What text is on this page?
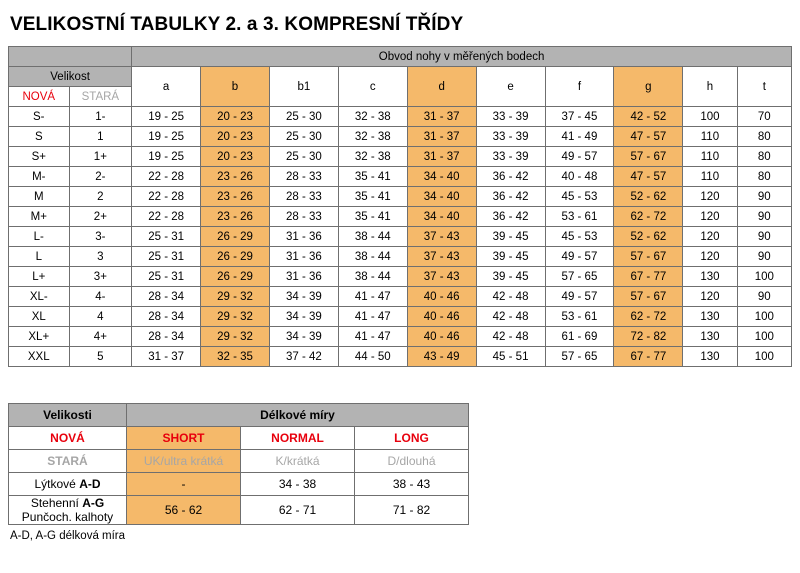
VELIKOSTNÍ TABULKY 2. a 3. KOMPRESNÍ TŘÍDY
		Obvod nohy v měřených bodech									
Velikost		a	b	b1	c	d	e	f	g	h	t
NOVÁ	STARÁ										
S-	1-	19 - 25	20 - 23	25 - 30	32 - 38	31 - 37	33 - 39	37 - 45	42 - 52	100	70
S	1	19 - 25	20 - 23	25 - 30	32 - 38	31 - 37	33 - 39	41 - 49	47 - 57	110	80
S+	1+	19 - 25	20 - 23	25 - 30	32 - 38	31 - 37	33 - 39	49 - 57	57 - 67	110	80
M-	2-	22 - 28	23 - 26	28 - 33	35 - 41	34 - 40	36 - 42	40 - 48	47 - 57	110	80
M	2	22 - 28	23 - 26	28 - 33	35 - 41	34 - 40	36 - 42	45 - 53	52 - 62	120	90
M+	2+	22 - 28	23 - 26	28 - 33	35 - 41	34 - 40	36 - 42	53 - 61	62 - 72	120	90
L-	3-	25 - 31	26 - 29	31 - 36	38 - 44	37 - 43	39 - 45	45 - 53	52 - 62	120	90
L	3	25 - 31	26 - 29	31 - 36	38 - 44	37 - 43	39 - 45	49 - 57	57 - 67	120	90
L+	3+	25 - 31	26 - 29	31 - 36	38 - 44	37 - 43	39 - 45	57 - 65	67 - 77	130	100
XL-	4-	28 - 34	29 - 32	34 - 39	41 - 47	40 - 46	42 - 48	49 - 57	57 - 67	120	90
XL	4	28 - 34	29 - 32	34 - 39	41 - 47	40 - 46	42 - 48	53 - 61	62 - 72	130	100
XL+	4+	28 - 34	29 - 32	34 - 39	41 - 47	40 - 46	42 - 48	61 - 69	72 - 82	130	100
XXL	5	31 - 37	32 - 35	37 - 42	44 - 50	43 - 49	45 - 51	57 - 65	67 - 77	130	100
Velikosti	Délkové míry		
NOVÁ	SHORT	NORMAL	LONG
STARÁ	UK/ultra krátká	K/krátká	D/dlouhá
Lýtkové A-D	-	34 - 38	38 - 43

Stehenní A-G
Punčoch. kalhoty	56 - 62	62 - 71	71 - 82
A-D, A-G délková míra
